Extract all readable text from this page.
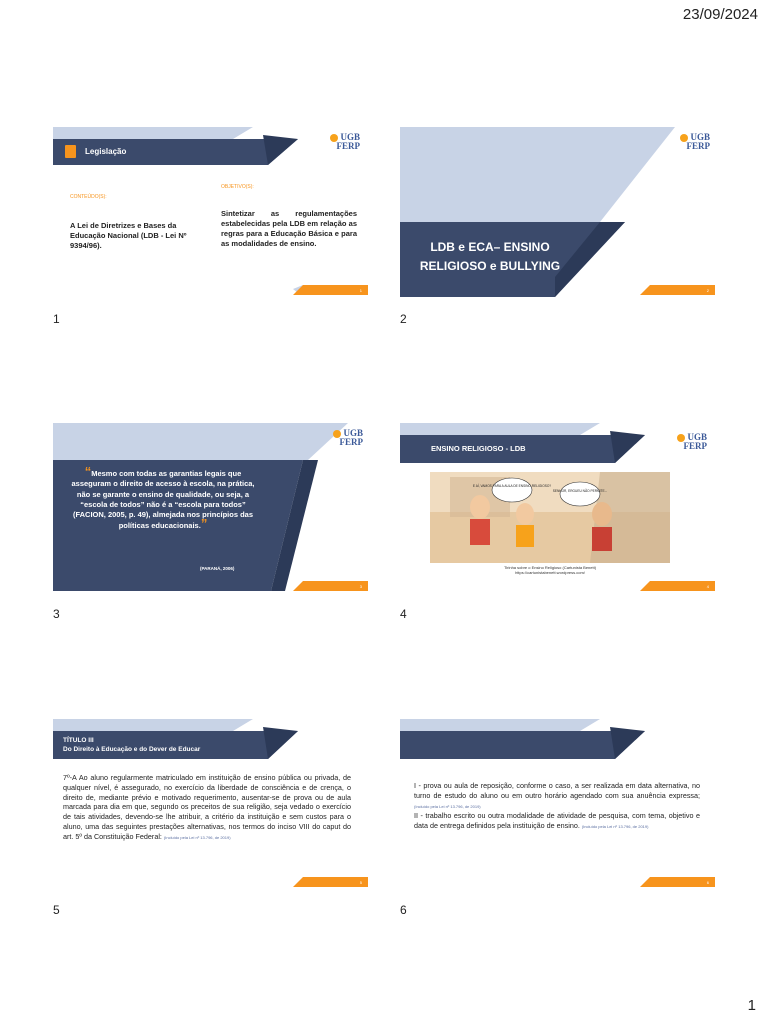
23/09/2024
Legislação
UGB
FERP
CONTEÚDO(S):
A Lei de Diretrizes e Bases da Educação Nacional (LDB - Lei Nº 9394/96).
OBJETIVO(S):
Sintetizar as regulamentações estabelecidas pela LDB em relação as regras para a Educação Básica e para as modalidades de ensino.
1
1
UGB
FERP
LDB e ECA– ENSINO RELIGIOSO e BULLYING
2
2
UGB
FERP
“Mesmo com todas as garantias legais que asseguram o direito de acesso à escola, na prática, não se garante o ensino de qualidade, ou seja, a “escola de todos” não é a “escola para todos” (FACION, 2005, p. 49), almejada nos princípios das políticas educacionais.”
(PARANÁ, 2006)
3
3
ENSINO RELIGIOSO - LDB
UGB
FERP
E AÍ, VAMOS PARA A AULA DE ENSINO RELIGIOSO?
SENHOR, ERGUEU NÃO PERMITE...
Tirinha sobre o Ensino Religioso (Cartunista Benett)
https://cartunistabenett.wordpress.com/
4
4
TÍTULO III
Do Direito à Educação e do Dever de Educar
7º-A Ao aluno regularmente matriculado em instituição de ensino pública ou privada, de qualquer nível, é assegurado, no exercício da liberdade de consciência e de crença, o direito de, mediante prévio e motivado requerimento, ausentar-se de prova ou de aula marcada para dia em que, segundo os preceitos de sua religião, seja vedado o exercício de tais atividades, devendo-se lhe atribuir, a critério da instituição e sem custos para o aluno, uma das seguintes prestações alternativas, nos termos do inciso VIII do caput do art. 5º da Constituição Federal: (Incluído pela Lei nº 13.796, de 2019)
5
5
I - prova ou aula de reposição, conforme o caso, a ser realizada em data alternativa, no turno de estudo do aluno ou em outro horário agendado com sua anuência expressa; (Incluído pela Lei nº 13.796, de 2019)
II - trabalho escrito ou outra modalidade de atividade de pesquisa, com tema, objetivo e data de entrega definidos pela instituição de ensino. (Incluído pela Lei nº 13.796, de 2019)
6
6
1
